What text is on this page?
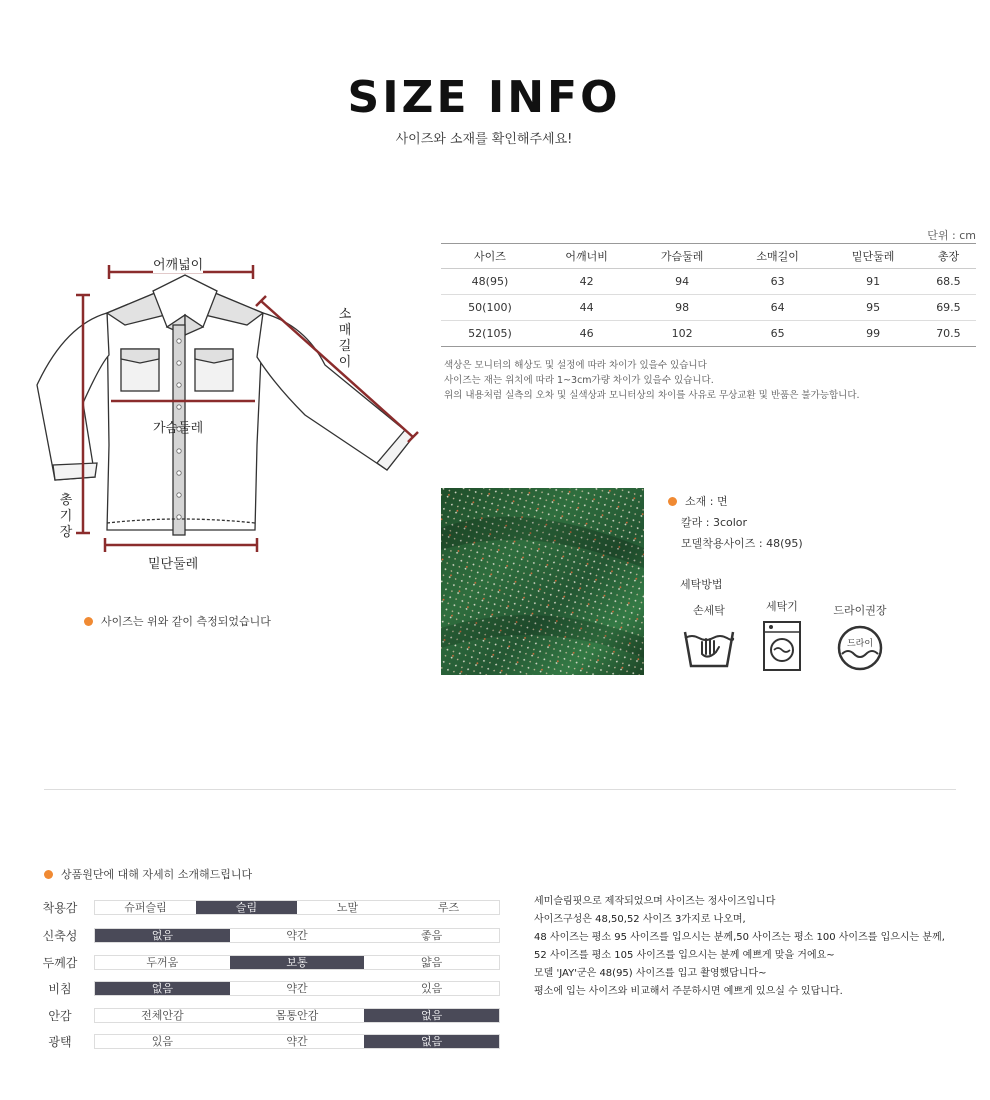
SIZE INFO
사이즈와 소재를 확인해주세요!
어깨넓이
가슴둘레
밑단둘레
소
매
길
이
총
기
장
사이즈는 위와 같이 측정되었습니다
단위 : cm
사이즈	어깨너비	가슴둘레	소매길이	밑단둘레	총장
48(95)	42	94	63	91	68.5
50(100)	44	98	64	95	69.5
52(105)	46	102	65	99	70.5
색상은 모니터의 해상도 및 설정에 따라 차이가 있을수 있습니다
사이즈는 재는 위치에 따라 1~3cm가량 차이가 있을수 있습니다.
위의 내용처럼 실측의 오차 및 실색상과 모니터상의 차이를 사유로 무상교환 및 반품은 불가능합니다.
소재 : 면
칼라 : 3color
모델착용사이즈 : 48(95)
세탁방법
손세탁	세탁기	드라이권장
드라이
상품원단에 대해 자세히 소개해드립니다
착용감	슈퍼슬림	슬림	노말	루즈
신축성	없음	약간	좋음
두께감	두꺼움	보통	얇음
비침	없음	약간	있음
안감	전체안감	몸통안감	없음
광택	있음	약간	없음
세미슬림핏으로 제작되었으며 사이즈는 정사이즈입니다
사이즈구성은 48,50,52 사이즈 3가지로 나오며,
48 사이즈는 평소 95 사이즈를 입으시는 분께,50 사이즈는 평소 100 사이즈를 입으시는 분께,
52 사이즈를 평소 105 사이즈를 입으시는 분께 예쁘게 맞을 거에요~
모델 'JAY'군은 48(95) 사이즈를 입고 촬영했답니다~
평소에 입는 사이즈와 비교해서 주문하시면 예쁘게 있으실 수 있답니다.
